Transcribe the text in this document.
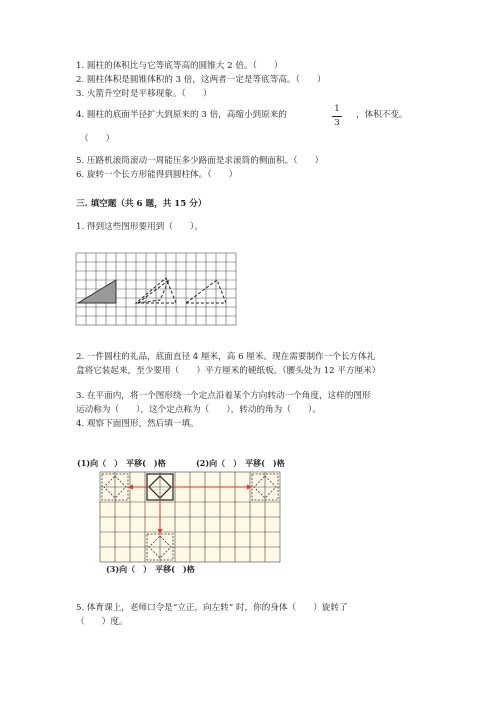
1. 圆柱的体积比与它等底等高的圆锥大 2 倍。（　　）
2. 圆柱体积是圆锥体积的 3 倍，这两者一定是等底等高。（　　）
3. 火箭升空时是平移现象。（　　）
4. 圆柱的底面半径扩大到原来的 3 倍，高缩小到原来的
1
3
，体积不变。
（　　）
5. 压路机滚筒滚动一周能压多少路面是求滚筒的侧面积。（　　）
6. 旋转一个长方形能得到圆柱体。（　　）
三. 填空题（共 6 题，共 15 分）
1. 得到这些图形要用到（　　）。
2. 一件圆柱的礼品，底面直径 4 厘米，高 6 厘米。现在需要制作一个长方体礼
盒将它装起来，至少要用（　　）平方厘米的硬纸板。（腰头处为 12 平方厘米）
3. 在平面内，将一个图形绕一个定点沿着某个方向转动一个角度，这样的图形
运动称为（　　），这个定点称为（　　），转动的角为（　　）。
4. 观察下面图形，然后填一填。
(1)向（　）　平移(　)格	(2)向（　）　平移(　)格
(3)向（　）　平移(　)格
5. 体育课上，老师口令是“立正，向左转” 时，你的身体（　　）旋转了
（　　）度。
